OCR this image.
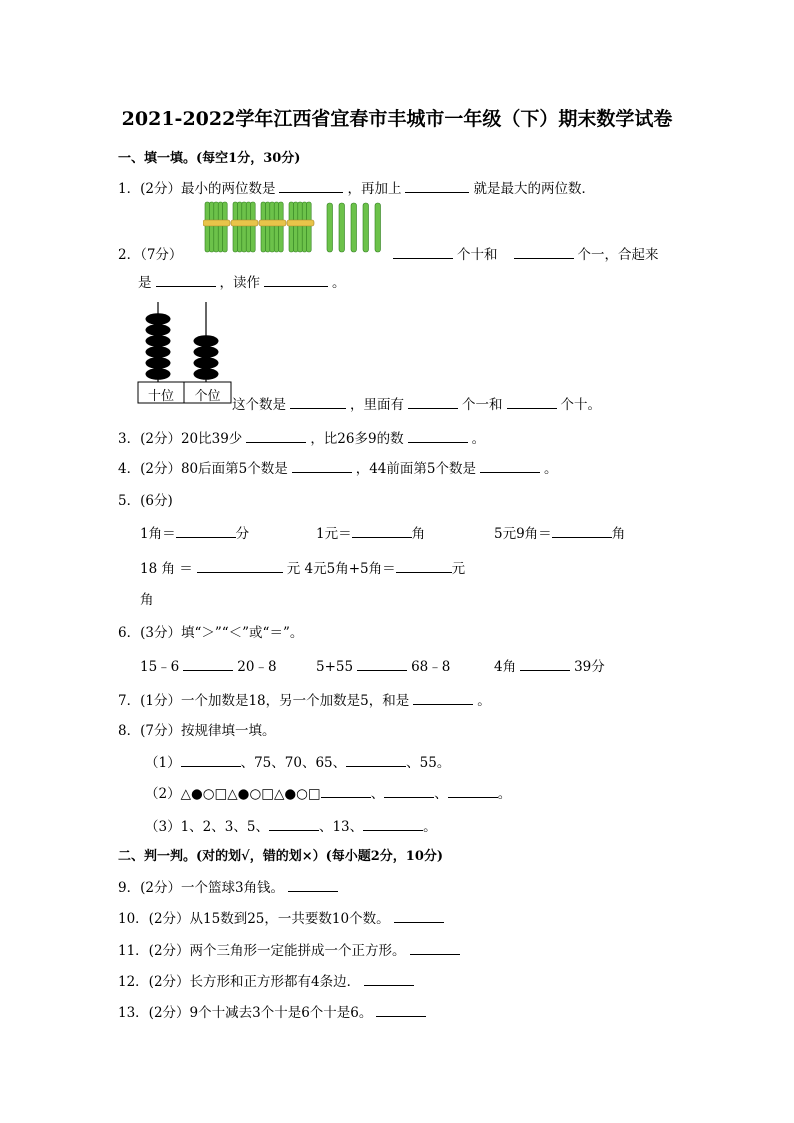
2021-2022学年江西省宜春市丰城市一年级（下）期末数学试卷
一、填一填。(每空1分，30分)
1．(2分）最小的两位数是	，再加上	就是最大的两位数．
2．（7分）	个十和	个一，合起来
是	，读作	。
十位	个位
这个数是	，里面有	个一和	个十。
3．(2分）20比39少	，比26多9的数	。
4．(2分）80后面第5个数是	，44前面第5个数是	。
5．(6分)
1角＝	分	1元＝	角	5元9角＝	角
18 角 ＝	元 4元5角+5角＝	元
角
6．(3分）填“＞”“＜”或“＝”。
15﹣6	20﹣8	5+55	68﹣8	4角	39分
7．(1分）一个加数是18，另一个加数是5，和是	。
8．(7分）按规律填一填。
（1）	、75、70、65、	、55。
（2）△●○□△●○□△●○□	、	、	。
（3）1、2、3、5、	、13、	。
二、判一判。(对的划√，错的划×）(每小题2分，10分)
9．(2分）一个篮球3角钱。
10．(2分）从15数到25，一共要数10个数。
11．(2分）两个三角形一定能拼成一个正方形。
12．(2分）长方形和正方形都有4条边．
13．(2分）9个十减去3个十是6个十是6。
